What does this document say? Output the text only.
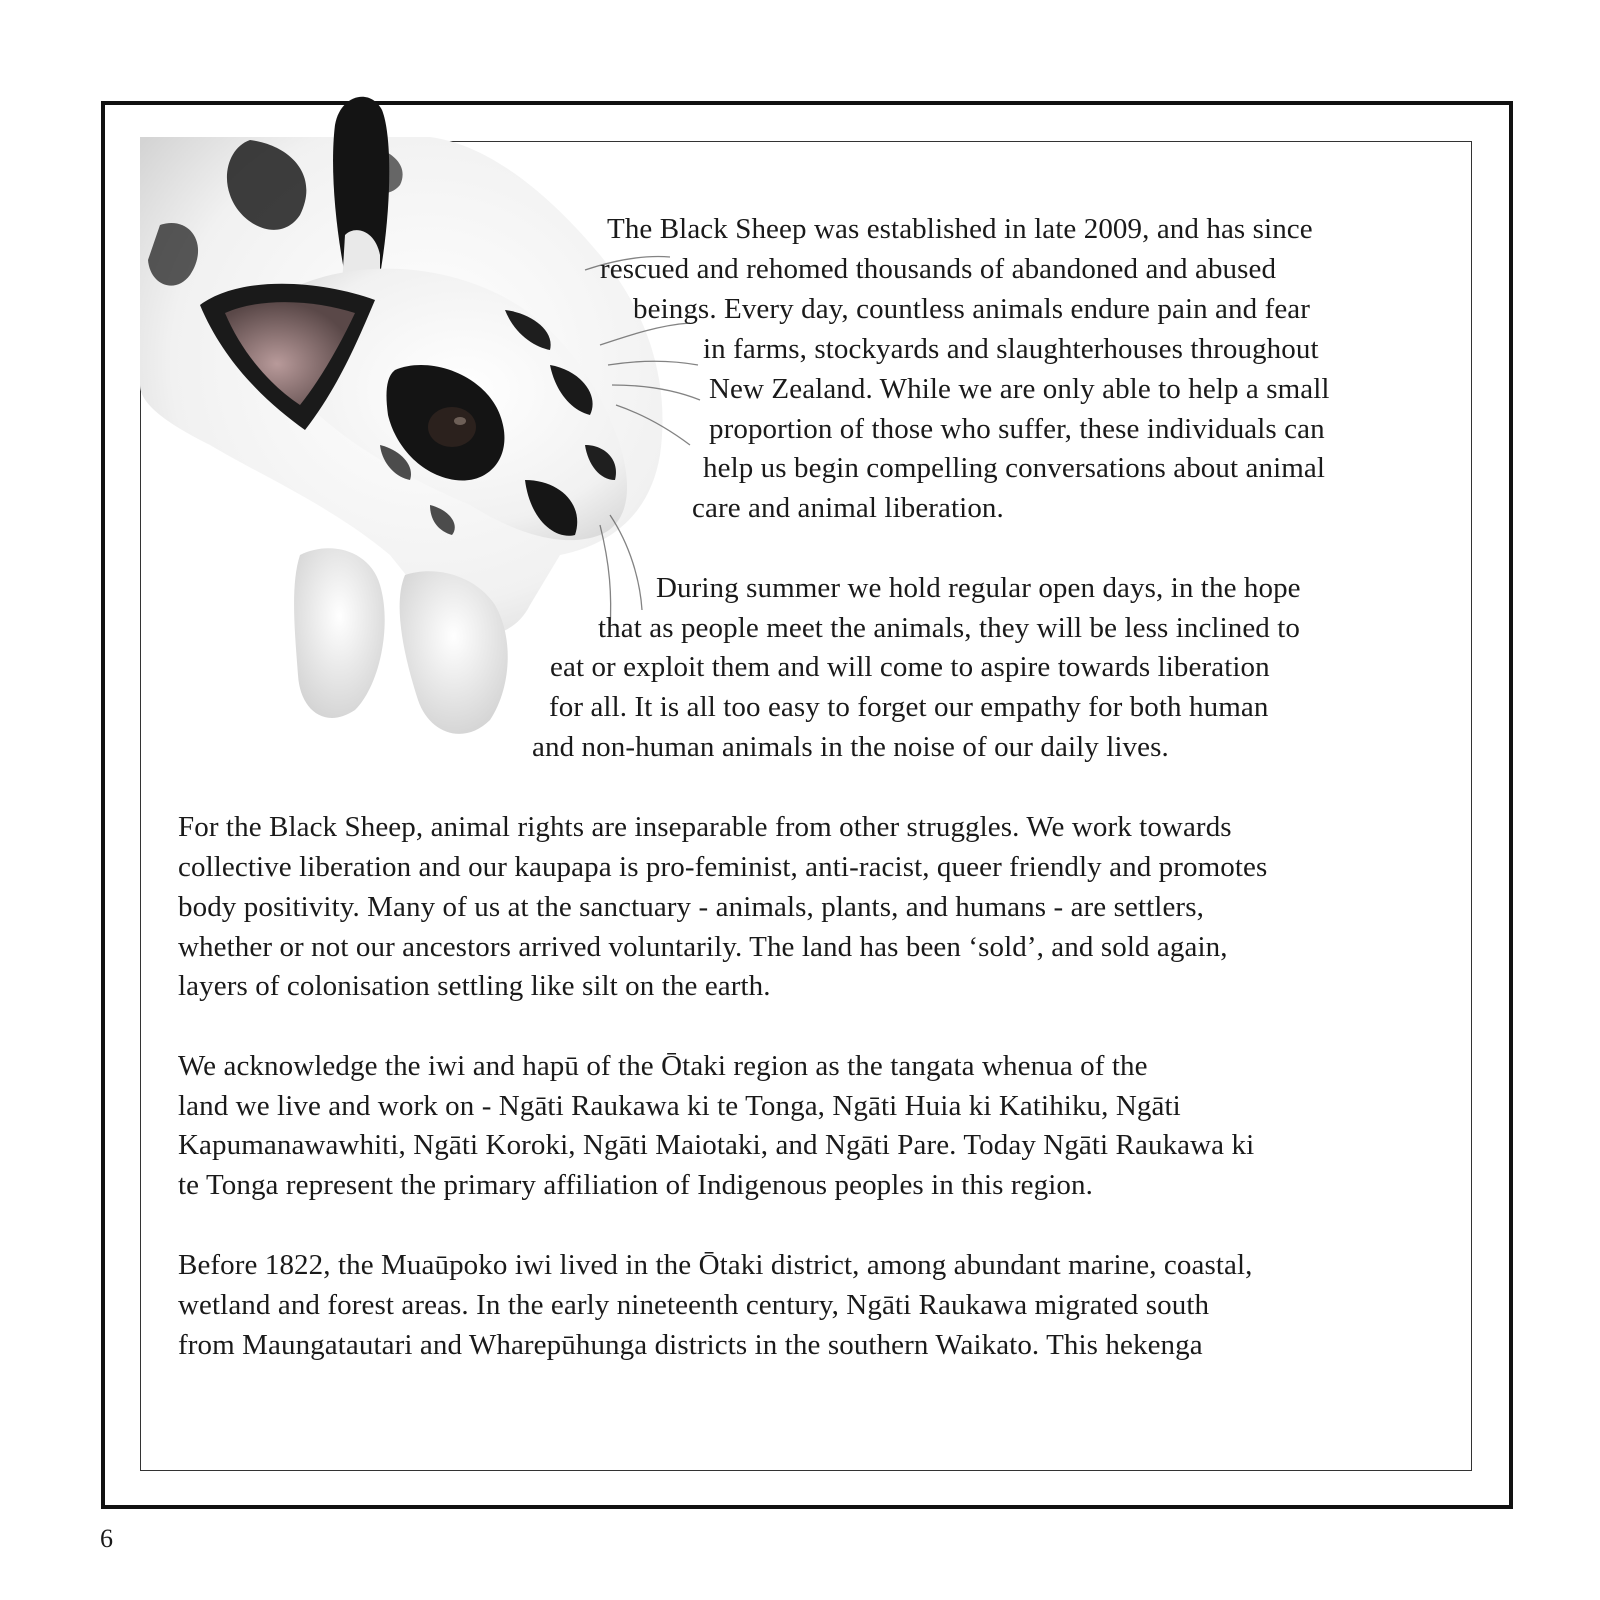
The Black Sheep was established in late 2009, and has since
rescued and rehomed thousands of abandoned and abused
beings. Every day, countless animals endure pain and fear
in farms, stockyards and slaughterhouses throughout
New Zealand. While we are only able to help a small
proportion of those who suffer, these individuals can
help us begin compelling conversations about animal
care and animal liberation.
During summer we hold regular open days, in the hope
that as people meet the animals, they will be less inclined to
eat or exploit them and will come to aspire towards liberation
for all. It is all too easy to forget our empathy for both human
and non-human animals in the noise of our daily lives.
For the Black Sheep, animal rights are inseparable from other struggles. We work towards
collective liberation and our kaupapa is pro-feminist, anti-racist, queer friendly and promotes
body positivity. Many of us at the sanctuary - animals, plants, and humans - are settlers,
whether or not our ancestors arrived voluntarily. The land has been ‘sold’, and sold again,
layers of colonisation settling like silt on the earth.
We acknowledge the iwi and hapū of the Ōtaki region as the tangata whenua of the
land we live and work on - Ngāti Raukawa ki te Tonga, Ngāti Huia ki Katihiku, Ngāti
Kapumanawawhiti, Ngāti Koroki, Ngāti Maiotaki, and Ngāti Pare. Today Ngāti Raukawa ki
te Tonga represent the primary affiliation of Indigenous peoples in this region.
Before 1822, the Muaūpoko iwi lived in the Ōtaki district, among abundant marine, coastal,
wetland and forest areas. In the early nineteenth century, Ngāti Raukawa migrated south
from Maungatautari and Wharepūhunga districts in the southern Waikato. This hekenga
6
